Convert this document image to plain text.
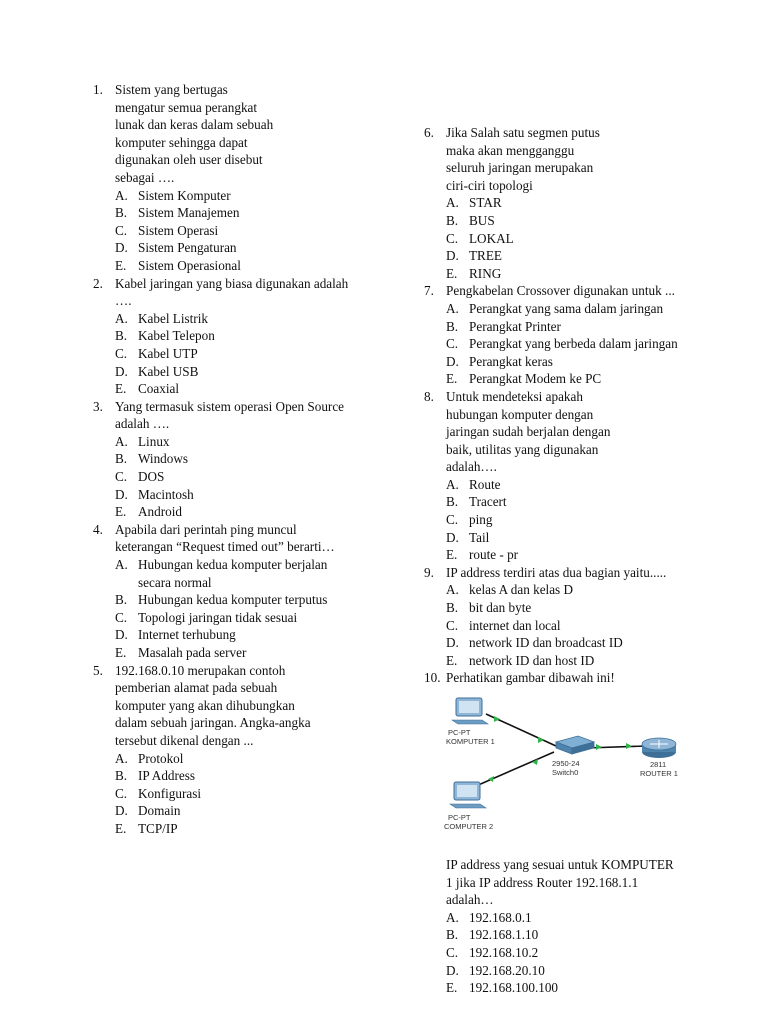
1. Sistem yang bertugas
mengatur semua perangkat
lunak dan keras dalam sebuah
komputer sehingga dapat
digunakan oleh user disebut
sebagai ….
A. Sistem Komputer
B. Sistem Manajemen
C. Sistem Operasi
D. Sistem Pengaturan
E. Sistem Operasional
2. Kabel jaringan yang biasa digunakan adalah
….
A. Kabel Listrik
B. Kabel Telepon
C. Kabel UTP
D. Kabel USB
E. Coaxial
3. Yang termasuk sistem operasi Open Source
adalah ….
A. Linux
B. Windows
C. DOS
D. Macintosh
E. Android
4. Apabila dari perintah ping muncul
keterangan “Request timed out” berarti…
A. Hubungan kedua komputer berjalan
secara normal
B. Hubungan kedua komputer terputus
C. Topologi jaringan tidak sesuai
D. Internet terhubung
E. Masalah pada server
5. 192.168.0.10 merupakan contoh
pemberian alamat pada sebuah
komputer yang akan dihubungkan
dalam sebuah jaringan. Angka-angka
tersebut dikenal dengan ...
A. Protokol
B. IP Address
C. Konfigurasi
D. Domain
E. TCP/IP
6. Jika Salah satu segmen putus
maka akan mengganggu
seluruh jaringan merupakan
ciri-ciri topologi
A. STAR
B. BUS
C. LOKAL
D. TREE
E. RING
7. Pengkabelan Crossover digunakan untuk ...
A. Perangkat yang sama dalam jaringan
B. Perangkat Printer
C. Perangkat yang berbeda dalam jaringan
D. Perangkat keras
E. Perangkat Modem ke PC
8. Untuk mendeteksi apakah
hubungan komputer dengan
jaringan sudah berjalan dengan
baik, utilitas yang digunakan
adalah….
A. Route
B. Tracert
C. ping
D. Tail
E. route - pr
9. IP address terdiri atas dua bagian yaitu.....
A. kelas A dan kelas D
B. bit dan byte
C. internet dan local
D. network ID dan broadcast ID
E. network ID dan host ID
10. Perhatikan gambar dibawah ini!
PC-PT
KOMPUTER 1
2950-24
Switch0
2811
ROUTER 1
PC-PT
COMPUTER 2
IP address yang sesuai untuk KOMPUTER
1 jika IP address Router 192.168.1.1
adalah…
A. 192.168.0.1
B. 192.168.1.10
C. 192.168.10.2
D. 192.168.20.10
E. 192.168.100.100
